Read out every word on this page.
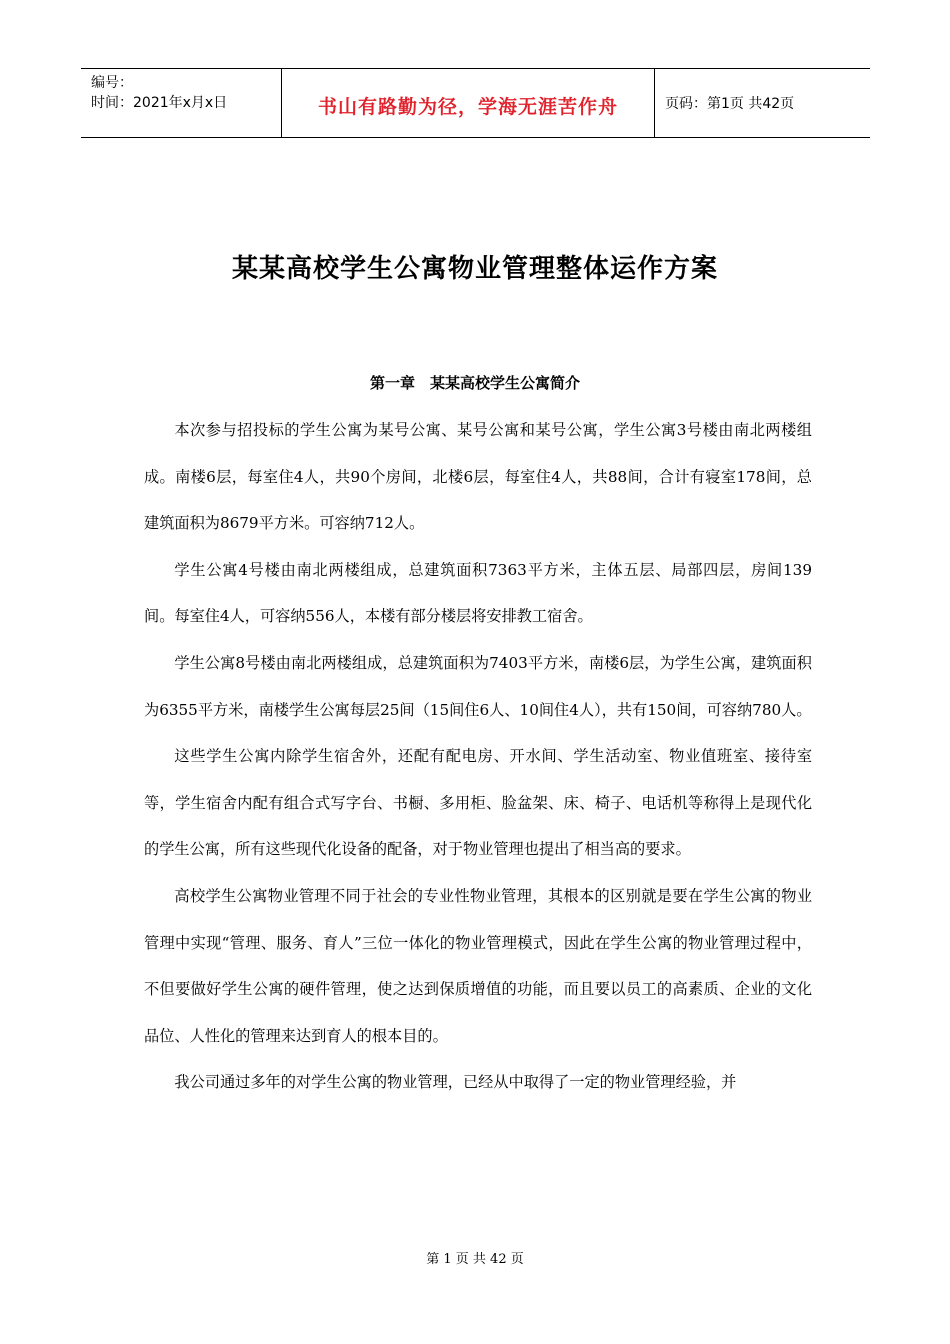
编号：
时间：2021年x月x日	书山有路勤为径，学海无涯苦作舟	页码：第1页 共42页
某某高校学生公寓物业管理整体运作方案
第一章　某某高校学生公寓简介

本次参与招投标的学生公寓为某号公寓、某号公寓和某号公寓，学生公寓3号楼由南北两楼组成。南楼6层，每室住4人，共90个房间，北楼6层，每室住4人，共88间，合计有寝室178间，总建筑面积为8679平方米。可容纳712人。

学生公寓4号楼由南北两楼组成，总建筑面积7363平方米，主体五层、局部四层，房间139间。每室住4人，可容纳556人，本楼有部分楼层将安排教工宿舍。

学生公寓8号楼由南北两楼组成，总建筑面积为7403平方米，南楼6层，为学生公寓，建筑面积为6355平方米，南楼学生公寓每层25间（15间住6人、10间住4人），共有150间，可容纳780人。

这些学生公寓内除学生宿舍外，还配有配电房、开水间、学生活动室、物业值班室、接待室等，学生宿舍内配有组合式写字台、书橱、多用柜、脸盆架、床、椅子、电话机等称得上是现代化的学生公寓，所有这些现代化设备的配备，对于物业管理也提出了相当高的要求。

高校学生公寓物业管理不同于社会的专业性物业管理，其根本的区别就是要在学生公寓的物业管理中实现“管理、服务、育人”三位一体化的物业管理模式，因此在学生公寓的物业管理过程中，不但要做好学生公寓的硬件管理，使之达到保质增值的功能，而且要以员工的高素质、企业的文化品位、人性化的管理来达到育人的根本目的。

我公司通过多年的对学生公寓的物业管理，已经从中取得了一定的物业管理经验，并

第 1 页 共 42 页
